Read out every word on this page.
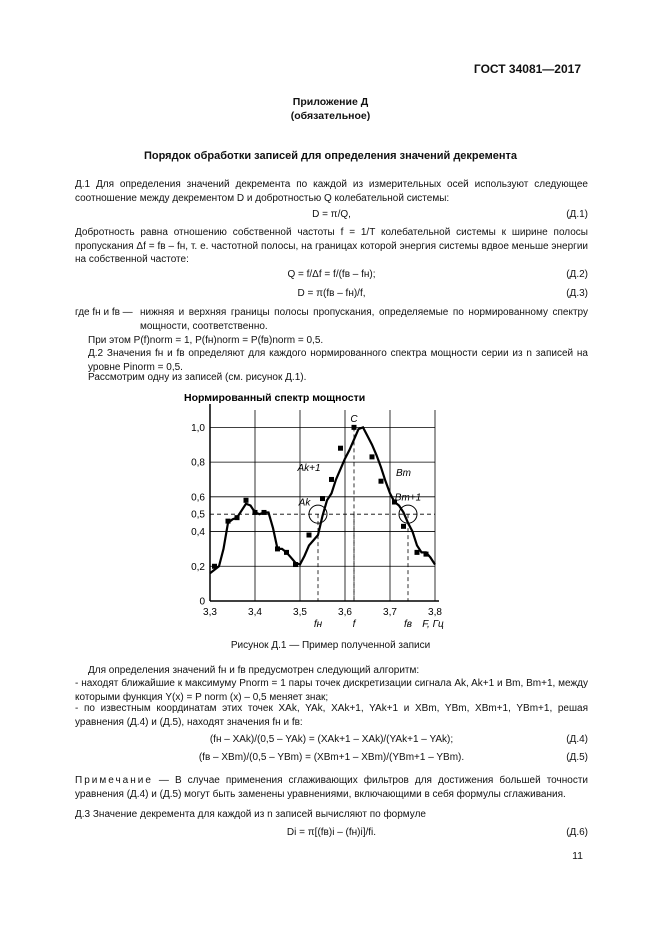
ГОСТ 34081—2017
Приложение Д
(обязательное)
Порядок обработки записей для определения значений декремента
Д.1 Для определения значений декремента по каждой из измерительных осей используют следующее соотношение между декрементом D и добротностью Q колебательной системы:
D = π/Q,	(Д.1)
Добротность равна отношению собственной частоты f = 1/T колебательной системы к ширине полосы пропускания Δf = fв – fн, т. е. частотной полосы, на границах которой энергия системы вдвое меньше энергии на собственной частоте:
Q = f/Δf = f/(fв – fн);	(Д.2)
D = π(fв – fн)/f,	(Д.3)
где fн и fв — нижняя и верхняя границы полосы пропускания, определяемые по нормированному спектру мощности, соответственно.
При этом P(f)norm = 1, P(fн)norm = P(fв)norm = 0,5.
Д.2 Значения fн и fв определяют для каждого нормированного спектра мощности серии из n записей на уровне Pinorm = 0,5.
Рассмотрим одну из записей (см. рисунок Д.1).
Нормированный спектр мощности
3,3	3,4	3,5	3,6	3,7	3,8
0
0,2
0,4
0,5
0,6
0,8
1,0
fн	f	fв F, Гц
C
Ak+1
Ak
Bm
Bm+1
Рисунок Д.1 — Пример полученной записи
Для определения значений fн и fв предусмотрен следующий алгоритм:
- находят ближайшие к максимуму Pnorm = 1 пары точек дискретизации сигнала Ak, Ak+1 и Bm, Bm+1, между которыми функция Y(x) = P norm (x) – 0,5 меняет знак;
- по известным координатам этих точек XAk, YAk, XAk+1, YAk+1 и XBm, YBm, XBm+1, YBm+1, решая уравнения (Д.4) и (Д.5), находят значения fн и fв:
(fн – XAk)/(0,5 – YAk) = (XAk+1 – XAk)/(YAk+1 – YAk);	(Д.4)
(fв – XBm)/(0,5 – YBm) = (XBm+1 – XBm)/(YBm+1 – YBm).	(Д.5)
Примечание — В случае применения сглаживающих фильтров для достижения большей точности уравнения (Д.4) и (Д.5) могут быть заменены уравнениями, включающими в себя формулы сглаживания.
Д.3 Значение декремента для каждой из n записей вычисляют по формуле
Di = π[(fв)i – (fн)i]/fi.	(Д.6)
11
